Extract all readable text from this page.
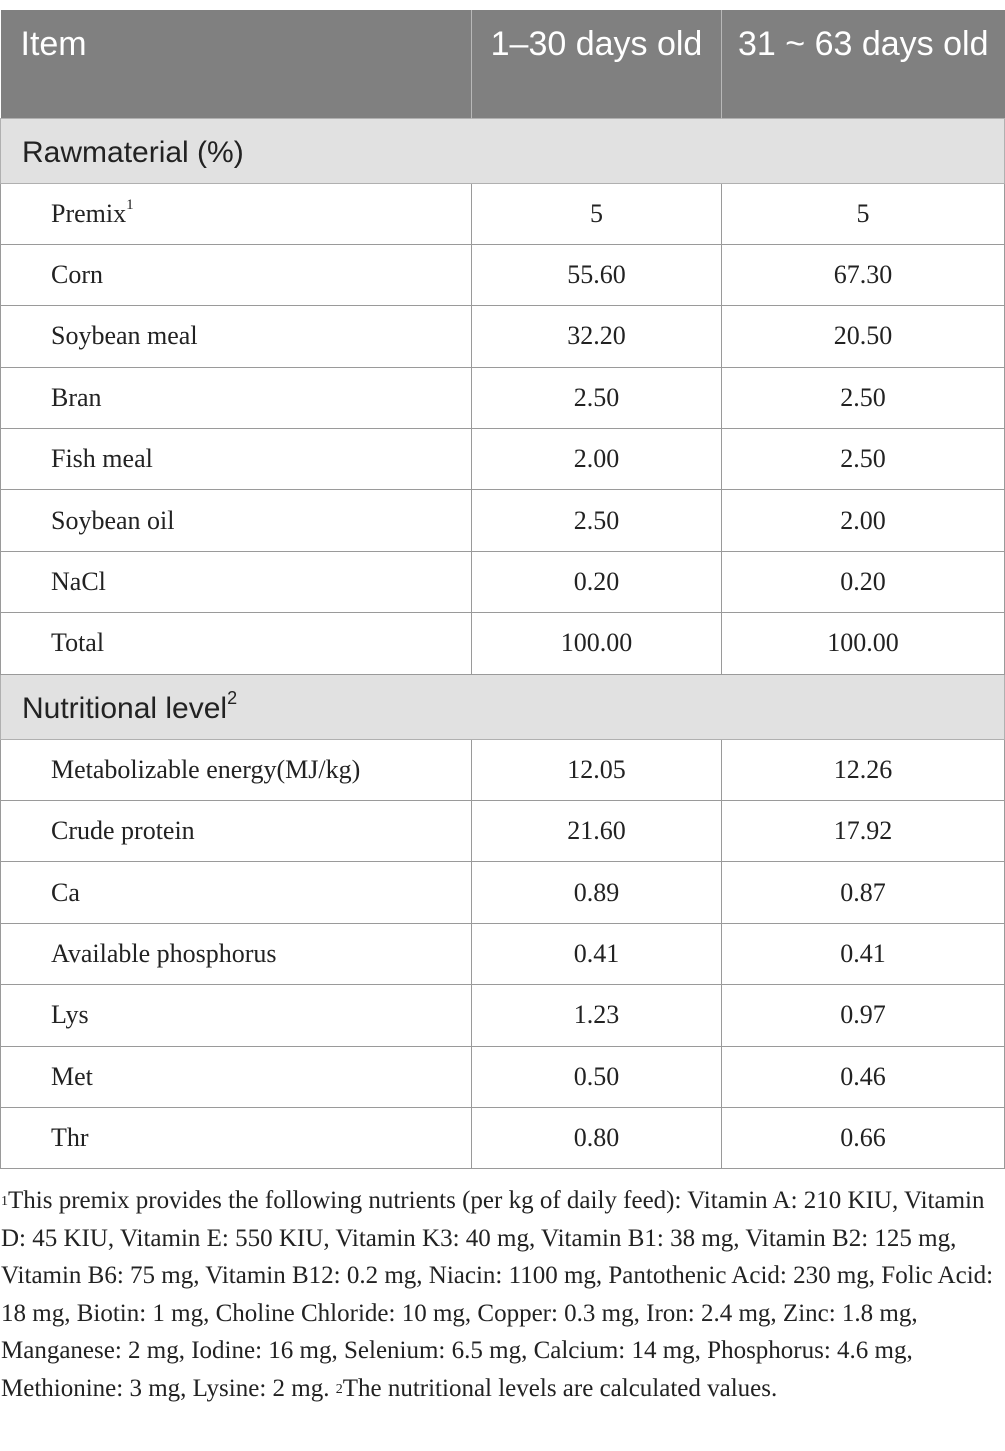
Item	1–30 days old	31 ~ 63 days old
Rawmaterial (%)		
Premix$^1$	5	5
Corn	55.60	67.30
Soybean meal	32.20	20.50
Bran	2.50	2.50
Fish meal	2.00	2.50
Soybean oil	2.50	2.00
NaCl	0.20	0.20
Total	100.00	100.00
Nutritional level$^2$
Metabolizable energy(MJ/kg)	12.05	12.26
Crude protein	21.60	17.92
Ca	0.89	0.87
Available phosphorus	0.41	0.41
Lys	1.23	0.97
Met	0.50	0.46
Thr	0.80	0.66

$^1$This premix provides the following nutrients (per kg of daily feed): Vitamin A: 210 KIU, Vitamin D: 45 KIU, Vitamin E: 550 KIU, Vitamin K3: 40 mg, Vitamin B1: 38 mg, Vitamin B2: 125 mg, Vitamin B6: 75 mg, Vitamin B12: 0.2 mg, Niacin: 1100 mg, Pantothenic Acid: 230 mg, Folic Acid: 18 mg, Biotin: 1 mg, Choline Chloride: 10 mg, Copper: 0.3 mg, Iron: 2.4 mg, Zinc: 1.8 mg, Manganese: 2 mg, Iodine: 16 mg, Selenium: 6.5 mg, Calcium: 14 mg, Phosphorus: 4.6 mg, Methionine: 3 mg, Lysine: 2 mg. $^2$The nutritional levels are calculated values.
